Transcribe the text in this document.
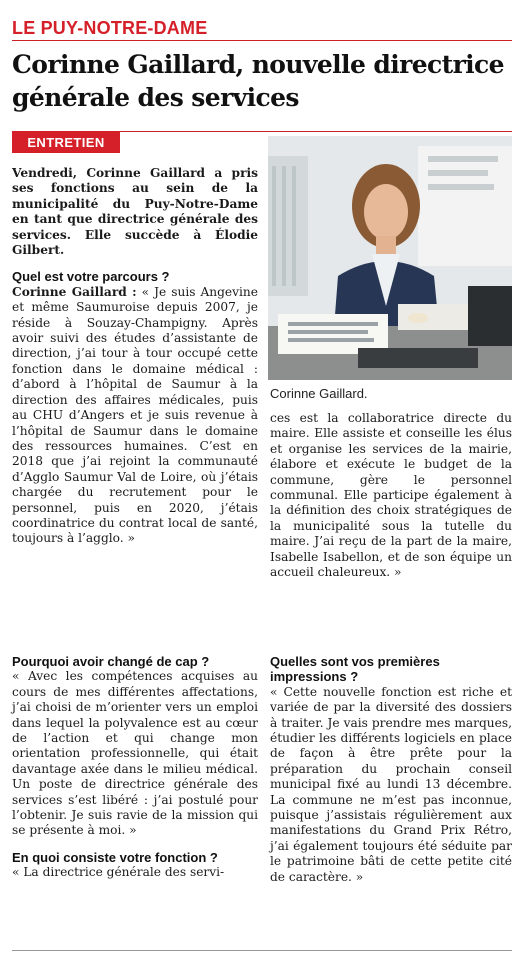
LE PUY-NOTRE-DAME
Corinne Gaillard, nouvelle directrice générale des services
ENTRETIEN
Corinne Gaillard.

Vendredi, Corinne Gaillard a pris ses fonctions au sein de la municipalité du Puy-Notre-Dame en tant que directrice générale des services. Elle succède à Élodie Gilbert.

Quel est votre parcours ?

Corinne Gaillard : « Je suis Angevine et même Saumuroise depuis 2007, je réside à Souzay-Champigny. Après avoir suivi des études d’assistante de direction, j’ai tour à tour occupé cette fonction dans le domaine médical : d’abord à l’hôpital de Saumur à la direction des affaires médicales, puis au CHU d’Angers et je suis revenue à l’hôpital de Saumur dans le domaine des ressources humaines. C’est en 2018 que j’ai rejoint la communauté d’Agglo Saumur Val de Loire, où j’étais chargée du recrutement pour le personnel, puis en 2020, j’étais coordinatrice du contrat local de santé, toujours à l’agglo. »

ces est la collaboratrice directe du maire. Elle assiste et conseille les élus et organise les services de la mairie, élabore et exécute le budget de la commune, gère le personnel communal. Elle participe également à la définition des choix stratégiques de la municipalité sous la tutelle du maire. J’ai reçu de la part de la maire, Isabelle Isabellon, et de son équipe un accueil chaleureux. »

Pourquoi avoir changé de cap ?

« Avec les compétences acquises au cours de mes différentes affectations, j’ai choisi de m’orienter vers un emploi dans lequel la polyvalence est au cœur de l’action et qui change mon orientation professionnelle, qui était davantage axée dans le milieu médical. Un poste de directrice générale des services s’est libéré : j’ai postulé pour l’obtenir. Je suis ravie de la mission qui se présente à moi. »

En quoi consiste votre fonction ?

« La directrice générale des servi-

Quelles sont vos premières impressions ?

« Cette nouvelle fonction est riche et variée de par la diversité des dossiers à traiter. Je vais prendre mes marques, étudier les différents logiciels en place de façon à être prête pour la préparation du prochain conseil municipal fixé au lundi 13 décembre. La commune ne m’est pas inconnue, puisque j’assistais régulièrement aux manifestations du Grand Prix Rétro, j’ai également toujours été séduite par le patrimoine bâti de cette petite cité de caractère. »
